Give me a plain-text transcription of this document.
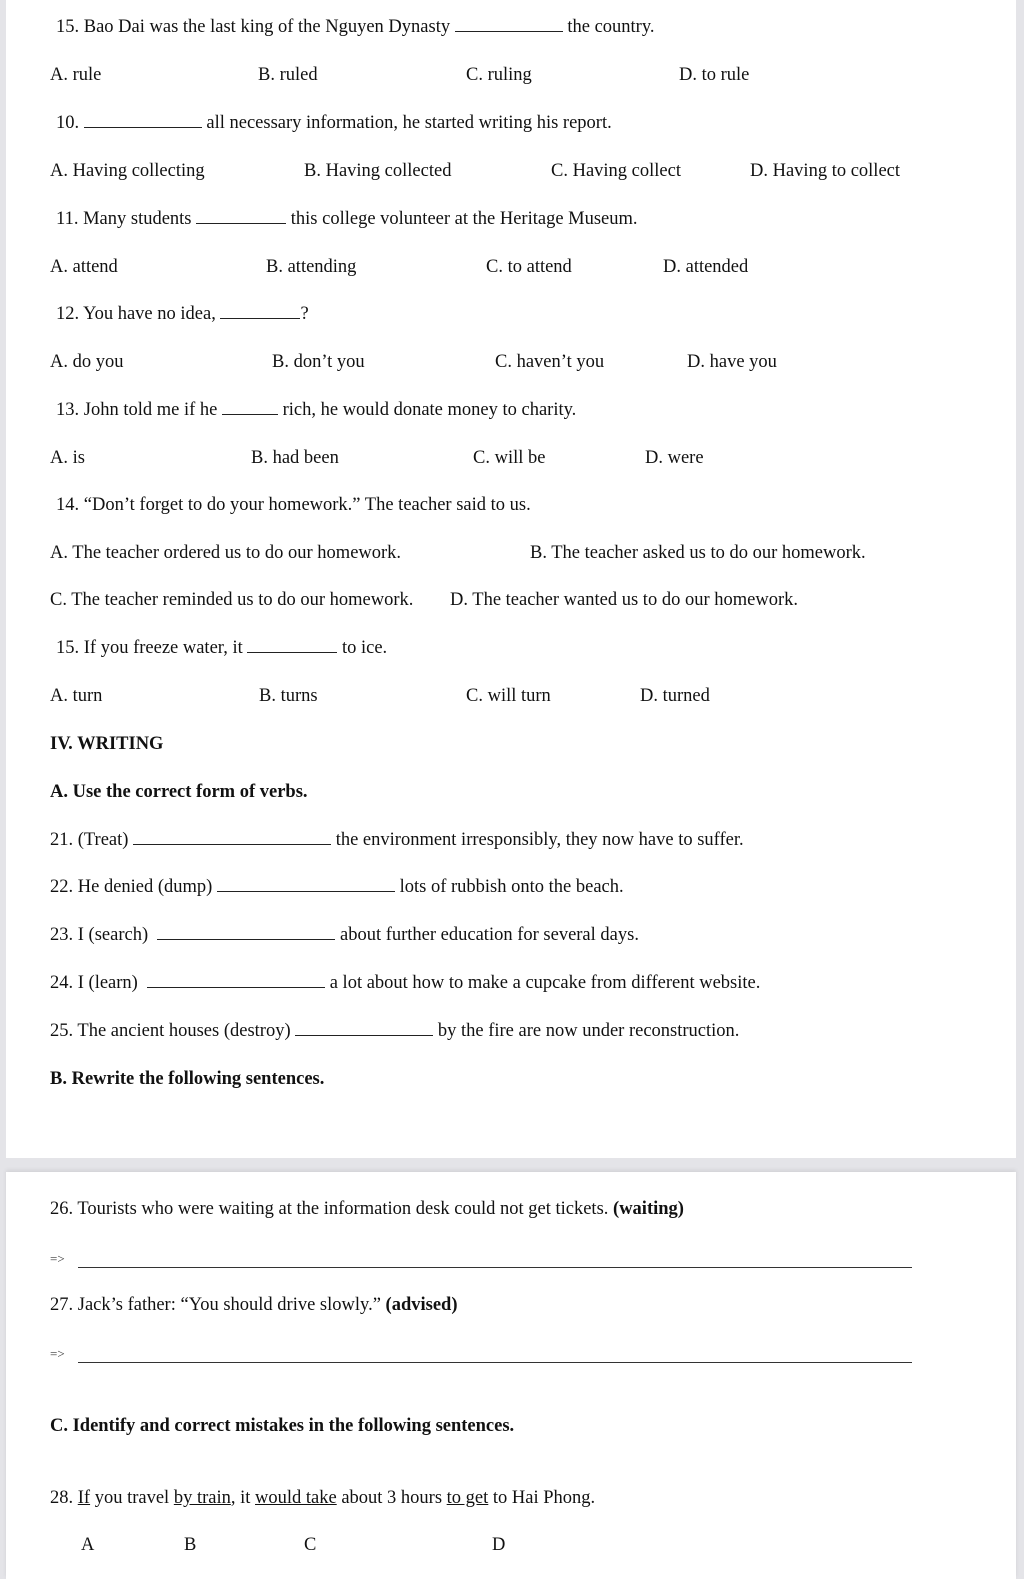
15. Bao Dai was the last king of the Nguyen Dynasty	the country.
A. rule	B. ruled	C. ruling	D. to rule
10.	all necessary information, he started writing his report.
A. Having collecting	B. Having collected	C. Having collect	D. Having to collect
11. Many students	this college volunteer at the Heritage Museum.
A. attend	B. attending	C. to attend	D. attended
12. You have no idea,	?
A. do you	B. don’t you	C. haven’t you	D. have you
13. John told me if he	rich, he would donate money to charity.
A. is	B. had been	C. will be	D. were
14. “Don’t forget to do your homework.” The teacher said to us.
A. The teacher ordered us to do our homework.	B. The teacher asked us to do our homework.
C. The teacher reminded us to do our homework. D. The teacher wanted us to do our homework.
15. If you freeze water, it	to ice.
A. turn	B. turns	C. will turn	D. turned
IV. WRITING
A. Use the correct form of verbs.
21. (Treat)	the environment irresponsibly, they now have to suffer.
22. He denied (dump)	lots of rubbish onto the beach.
23. I (search)	about further education for several days.
24. I (learn)	a lot about how to make a cupcake from different website.
25. The ancient houses (destroy)	by the fire are now under reconstruction.
B. Rewrite the following sentences.
26. Tourists who were waiting at the information desk could not get tickets. (waiting)
=>
27. Jack’s father: “You should drive slowly.” (advised)
=>
C. Identify and correct mistakes in the following sentences.
28. If you travel by train, it would take about 3 hours to get to Hai Phong.
A	B	C	D
